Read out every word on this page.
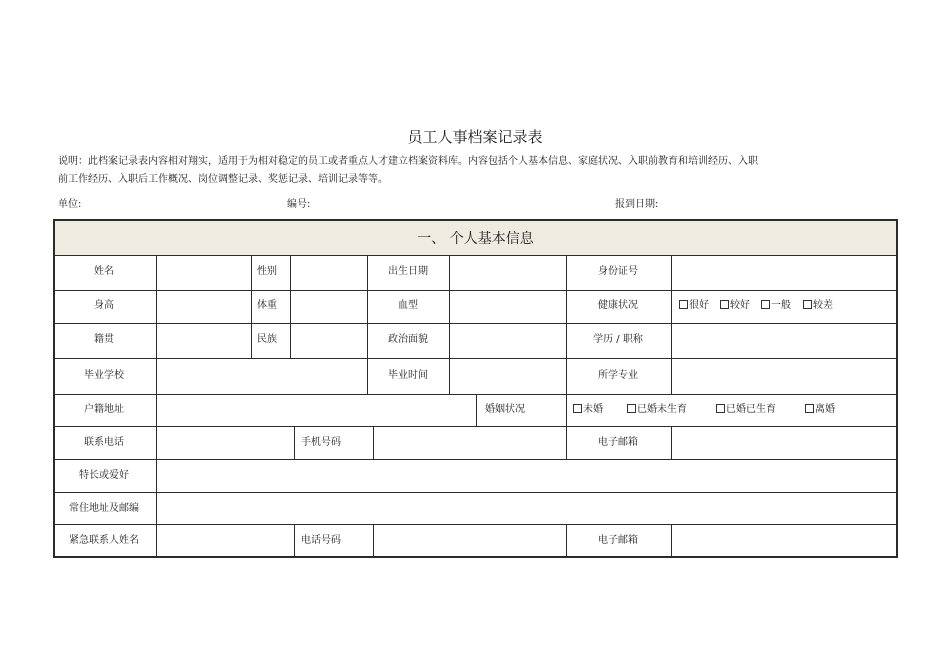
员工人事档案记录表
说明：此档案记录表内容相对翔实，适用于为相对稳定的员工或者重点人才建立档案资料库。内容包括个人基本信息、家庭状况、入职前教育和培训经历、入职
前工作经历、入职后工作概况、岗位调整记录、奖惩记录、培训记录等等。
单位:	编号:	报到日期:
一、 个人基本信息
姓名	性别	出生日期	身份证号
身高	体重	血型	健康状况	很好	较好	一般	较差
籍贯	民族	政治面貌	学历 / 职称
毕业学校	毕业时间	所学专业
户籍地址	婚姻状况	未婚	已婚未生育	已婚已生育	离婚
联系电话	手机号码	电子邮箱
特长或爱好
常住地址及邮编
紧急联系人姓名	电话号码	电子邮箱
